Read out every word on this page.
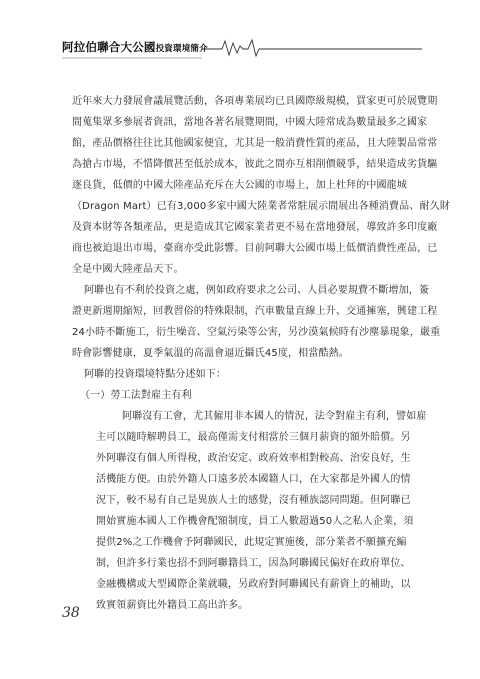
阿拉伯聯合大公國投資環境簡介
近年來大力發展會議展覽活動，各項專業展均已具國際級規模，買家更可於展覽期
間蒐集眾多參展者資訊，當地各著名展覽期間，中國大陸常成為數量最多之國家
館，產品價格往往比其他國家便宜，尤其是一般消費性質的產品，且大陸製品常常
為搶占市場，不惜降價甚至低於成本，彼此之間亦互相削價競爭，結果造成劣貨驅
逐良貨，低價的中國大陸產品充斥在大公國的市場上，加上杜拜的中國龍城
（Dragon Mart）已有3,000多家中國大陸業者常駐展示間展出各種消費品、耐久財
及資本財等各類產品，更是造成其它國家業者更不易在當地發展，導致許多印度廠
商也被迫退出市場，臺商亦受此影響。目前阿聯大公國市場上低價消費性產品，已
全是中國大陸產品天下。
阿聯也有不利於投資之處，例如政府要求之公司、人員必要規費不斷增加，簽
證更新週期縮短，回教習俗的特殊限制，汽車數量直線上升、交通擁塞，興建工程
24小時不斷施工，衍生噪音、空氣污染等公害，另沙漠氣候時有沙塵暴現象，嚴重
時會影響健康，夏季氣溫的高溫會逼近攝氏45度，相當酷熱。
阿聯的投資環境特點分述如下：
（一）勞工法對雇主有利
阿聯沒有工會，尤其僱用非本國人的情況，法令對雇主有利，譬如雇
主可以隨時解聘員工，最高僅需支付相當於三個月薪資的額外賠償。另
外阿聯沒有個人所得稅，政治安定、政府效率相對較高、治安良好，生
活機能方便。由於外籍人口遠多於本國籍人口，在大家都是外國人的情
況下，較不易有自己是異族人士的感覺，沒有種族認同問題。但阿聯已
開始實施本國人工作機會配額制度，員工人數超過50人之私人企業，須
提供2%之工作機會予阿聯國民，此規定實施後，部分業者不願擴充編
制，但許多行業也招不到阿聯籍員工，因為阿聯國民偏好在政府單位、
金融機構或大型國際企業就職，另政府對阿聯國民有薪資上的補助，以
致實領薪資比外籍員工高出許多。
38
